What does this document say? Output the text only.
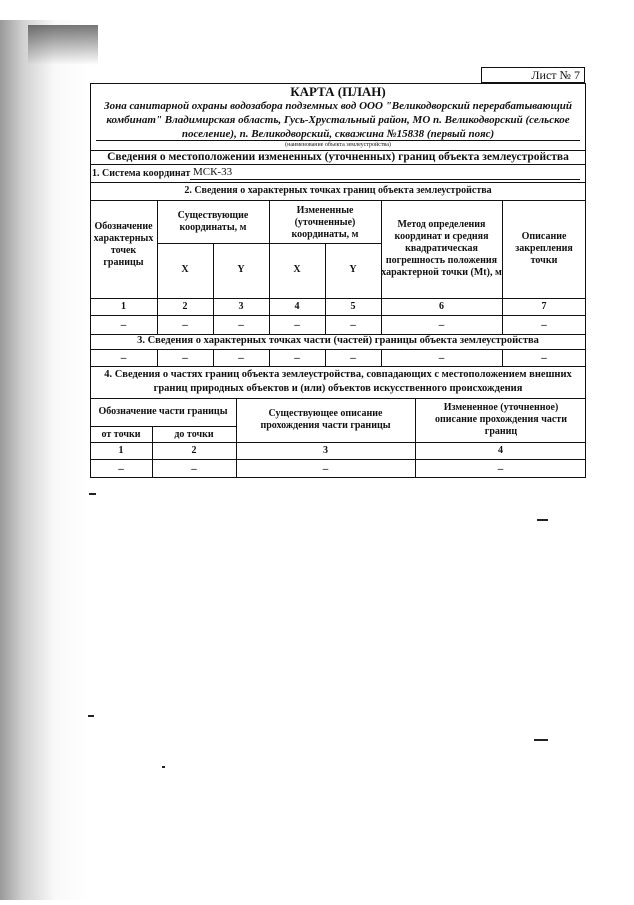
Лист № 7
КАРТА (ПЛАН)
Зона санитарной охраны водозабора подземных вод ООО "Великодворский перерабатывающий комбинат" Владимирская область, Гусь-Хрустальный район, МО п. Великодворский (сельское поселение), п. Великодворский, скважина №15838 (первый пояс)
(наименование объекта землеустройства)
Сведения о местоположении измененных (уточненных) границ объекта землеустройства
1. Система координат МСК-33
2. Сведения о характерных точках границ объекта землеустройства
Обозначение характерных точек границы
Существующие координаты, м
Измененные (уточненные) координаты, м
Метод определения координат и средняя квадратическая погрешность положения характерной точки (Mt), м
Описание закрепления точки
X	Y	X	Y
1	2	3	4	5	6	7
–	–	–	–	–	–	–
3. Сведения о характерных точках части (частей) границы объекта землеустройства
–	–	–	–	–	–	–
4. Сведения о частях границ объекта землеустройства, совпадающих с местоположением внешних границ природных объектов и (или) объектов искусственного происхождения
Обозначение части границы
от точки	до точки
Существующее описание прохождения части границы
Измененное (уточненное) описание прохождения части границ
1	2	3	4
–	–	–	–
